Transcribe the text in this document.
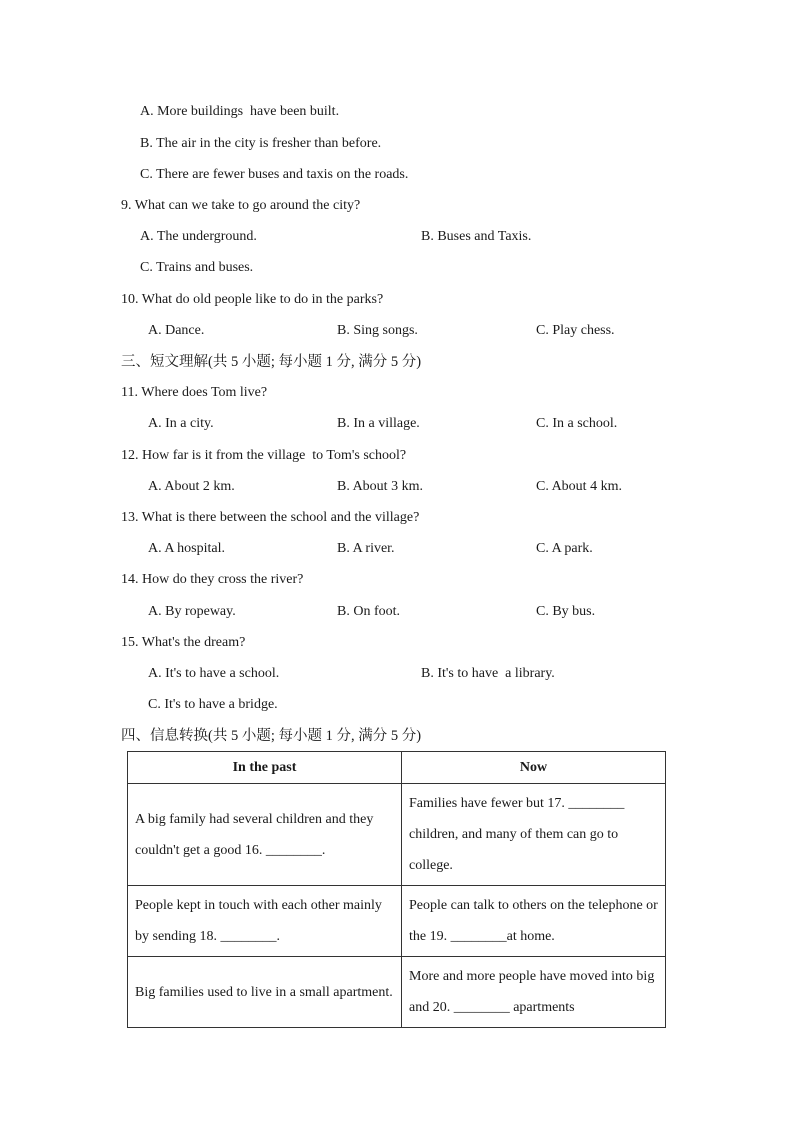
A. More buildings  have been built.
B. The air in the city is fresher than before.
C. There are fewer buses and taxis on the roads.
9. What can we take to go around the city?
A. The underground.	B. Buses and Taxis.
C. Trains and buses.
10. What do old people like to do in the parks?
A. Dance.	B. Sing songs.	C. Play chess.
三、短文理解(共 5 小题; 每小题 1 分, 满分 5 分)
11. Where does Tom live?
A. In a city.	B. In a village.	C. In a school.
12. How far is it from the village  to Tom's school?
A. About 2 km.	B. About 3 km.	C. About 4 km.
13. What is there between the school and the village?
A. A hospital.	B. A river.	C. A park.
14. How do they cross the river?
A. By ropeway.	B. On foot.	C. By bus.
15. What's the dream?
A. It's to have a school.	B. It's to have  a library.
C. It's to have a bridge.
四、信息转换(共 5 小题; 每小题 1 分, 满分 5 分)
In the past	Now
A big family had several children and they couldn't get a good 16. ________.	Families have fewer but 17. ________ children, and many of them can go to college.
People kept in touch with each other mainly by sending 18. ________.	People can talk to others on the telephone or the 19. ________at home.
Big families used to live in a small apartment.	More and more people have moved into big and 20. ________ apartments
